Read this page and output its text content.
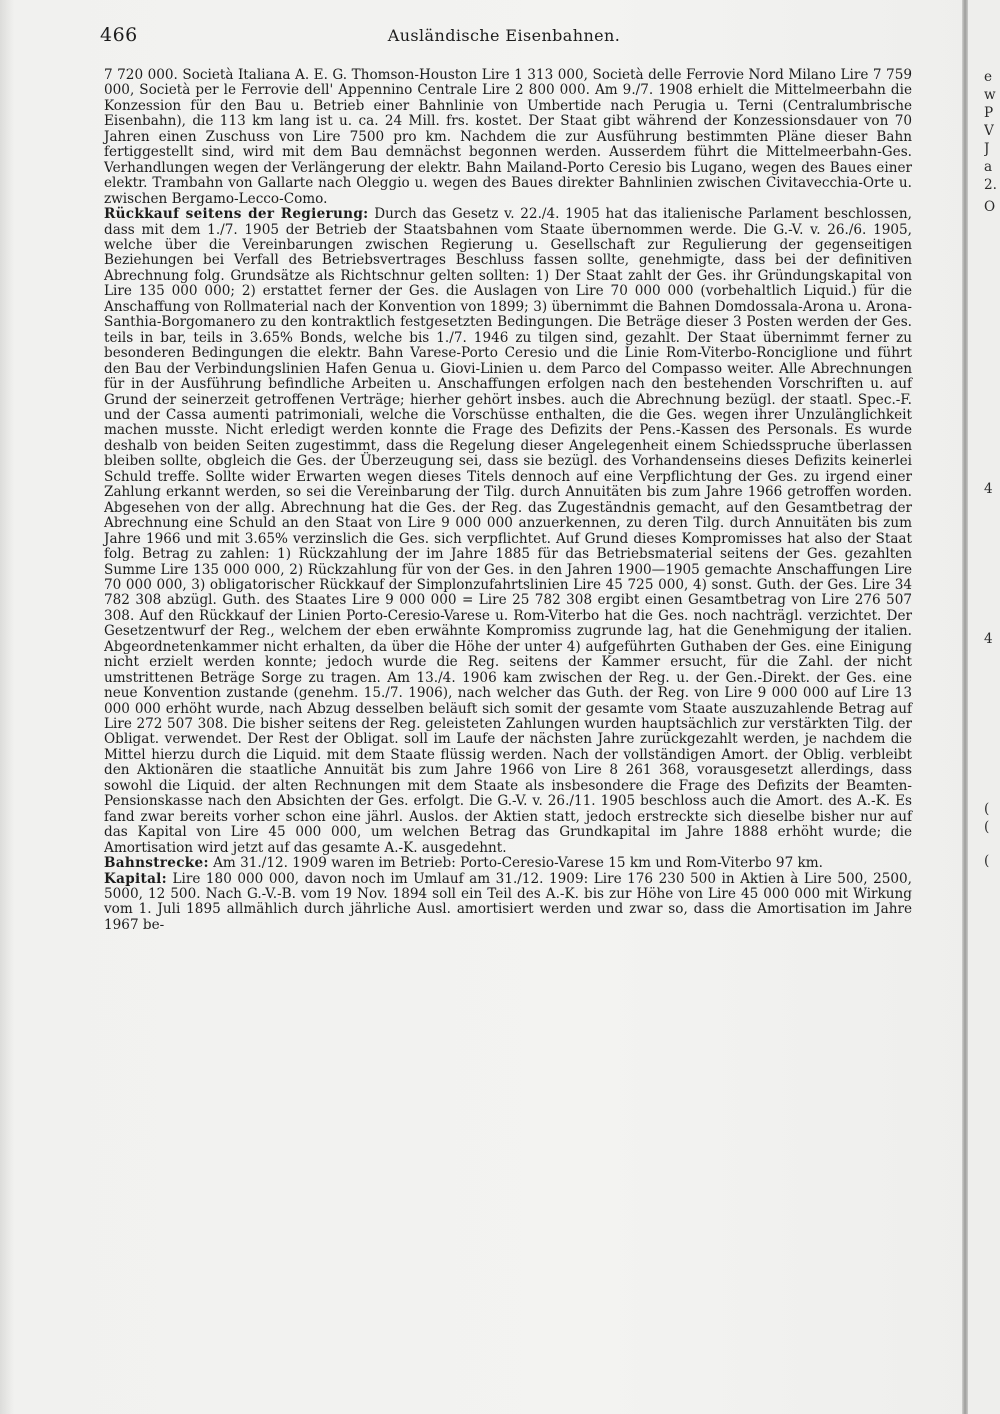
466	Ausländische Eisenbahnen.

7 720 000. Società Italiana A. E. G. Thomson-Houston Lire 1 313 000, Società delle Ferrovie Nord Milano Lire 7 759 000, Società per le Ferrovie dell' Appennino Centrale Lire 2 800 000. Am 9./7. 1908 erhielt die Mittelmeerbahn die Konzession für den Bau u. Betrieb einer Bahnlinie von Umbertide nach Perugia u. Terni (Centralumbrische Eisenbahn), die 113 km lang ist u. ca. 24 Mill. frs. kostet. Der Staat gibt während der Konzessionsdauer von 70 Jahren einen Zuschuss von Lire 7500 pro km. Nachdem die zur Ausführung bestimmten Pläne dieser Bahn fertiggestellt sind, wird mit dem Bau demnächst begonnen werden. Ausserdem führt die Mittelmeerbahn-Ges. Verhandlungen wegen der Verlängerung der elektr. Bahn Mailand-Porto Ceresio bis Lugano, wegen des Baues einer elektr. Trambahn von Gallarte nach Oleggio u. wegen des Baues direkter Bahnlinien zwischen Civitavecchia-Orte u. zwischen Bergamo-Lecco-Como.

Rückkauf seitens der Regierung: Durch das Gesetz v. 22./4. 1905 hat das italienische Parlament beschlossen, dass mit dem 1./7. 1905 der Betrieb der Staatsbahnen vom Staate übernommen werde. Die G.-V. v. 26./6. 1905, welche über die Vereinbarungen zwischen Regierung u. Gesellschaft zur Regulierung der gegenseitigen Beziehungen bei Verfall des Betriebsvertrages Beschluss fassen sollte, genehmigte, dass bei der definitiven Abrechnung folg. Grundsätze als Richtschnur gelten sollten: 1) Der Staat zahlt der Ges. ihr Gründungskapital von Lire 135 000 000; 2) erstattet ferner der Ges. die Auslagen von Lire 70 000 000 (vorbehaltlich Liquid.) für die Anschaffung von Rollmaterial nach der Konvention von 1899; 3) übernimmt die Bahnen Domdossala-Arona u. Arona-Santhia-Borgomanero zu den kontraktlich festgesetzten Bedingungen. Die Beträge dieser 3 Posten werden der Ges. teils in bar, teils in 3.65% Bonds, welche bis 1./7. 1946 zu tilgen sind, gezahlt. Der Staat übernimmt ferner zu besonderen Bedingungen die elektr. Bahn Varese-Porto Ceresio und die Linie Rom-Viterbo-Ronciglione und führt den Bau der Verbindungslinien Hafen Genua u. Giovi-Linien u. dem Parco del Compasso weiter. Alle Abrechnungen für in der Ausführung befindliche Arbeiten u. Anschaffungen erfolgen nach den bestehenden Vorschriften u. auf Grund der seinerzeit getroffenen Verträge; hierher gehört insbes. auch die Abrechnung bezügl. der staatl. Spec.-F. und der Cassa aumenti patrimoniali, welche die Vorschüsse enthalten, die die Ges. wegen ihrer Unzulänglichkeit machen musste. Nicht erledigt werden konnte die Frage des Defizits der Pens.-Kassen des Personals. Es wurde deshalb von beiden Seiten zugestimmt, dass die Regelung dieser Angelegenheit einem Schiedsspruche überlassen bleiben sollte, obgleich die Ges. der Überzeugung sei, dass sie bezügl. des Vorhandenseins dieses Defizits keinerlei Schuld treffe. Sollte wider Erwarten wegen dieses Titels dennoch auf eine Verpflichtung der Ges. zu irgend einer Zahlung erkannt werden, so sei die Vereinbarung der Tilg. durch Annuitäten bis zum Jahre 1966 getroffen worden. Abgesehen von der allg. Abrechnung hat die Ges. der Reg. das Zugeständnis gemacht, auf den Gesamtbetrag der Abrechnung eine Schuld an den Staat von Lire 9 000 000 anzuerkennen, zu deren Tilg. durch Annuitäten bis zum Jahre 1966 und mit 3.65% verzinslich die Ges. sich verpflichtet. Auf Grund dieses Kompromisses hat also der Staat folg. Betrag zu zahlen: 1) Rückzahlung der im Jahre 1885 für das Betriebsmaterial seitens der Ges. gezahlten Summe Lire 135 000 000, 2) Rückzahlung für von der Ges. in den Jahren 1900—1905 gemachte Anschaffungen Lire 70 000 000, 3) obligatorischer Rückkauf der Simplonzufahrtslinien Lire 45 725 000, 4) sonst. Guth. der Ges. Lire 34 782 308 abzügl. Guth. des Staates Lire 9 000 000 = Lire 25 782 308 ergibt einen Gesamtbetrag von Lire 276 507 308. Auf den Rückkauf der Linien Porto-Ceresio-Varese u. Rom-Viterbo hat die Ges. noch nachträgl. verzichtet. Der Gesetzentwurf der Reg., welchem der eben erwähnte Kompromiss zugrunde lag, hat die Genehmigung der italien. Abgeordnetenkammer nicht erhalten, da über die Höhe der unter 4) aufgeführten Guthaben der Ges. eine Einigung nicht erzielt werden konnte; jedoch wurde die Reg. seitens der Kammer ersucht, für die Zahl. der nicht umstrittenen Beträge Sorge zu tragen. Am 13./4. 1906 kam zwischen der Reg. u. der Gen.-Direkt. der Ges. eine neue Konvention zustande (genehm. 15./7. 1906), nach welcher das Guth. der Reg. von Lire 9 000 000 auf Lire 13 000 000 erhöht wurde, nach Abzug desselben beläuft sich somit der gesamte vom Staate auszuzahlende Betrag auf Lire 272 507 308. Die bisher seitens der Reg. geleisteten Zahlungen wurden hauptsächlich zur verstärkten Tilg. der Obligat. verwendet. Der Rest der Obligat. soll im Laufe der nächsten Jahre zurückgezahlt werden, je nachdem die Mittel hierzu durch die Liquid. mit dem Staate flüssig werden. Nach der vollständigen Amort. der Oblig. verbleibt den Aktionären die staatliche Annuität bis zum Jahre 1966 von Lire 8 261 368, vorausgesetzt allerdings, dass sowohl die Liquid. der alten Rechnungen mit dem Staate als insbesondere die Frage des Defizits der Beamten-Pensionskasse nach den Absichten der Ges. erfolgt. Die G.-V. v. 26./11. 1905 beschloss auch die Amort. des A.-K. Es fand zwar bereits vorher schon eine jährl. Auslos. der Aktien statt, jedoch erstreckte sich dieselbe bisher nur auf das Kapital von Lire 45 000 000, um welchen Betrag das Grundkapital im Jahre 1888 erhöht wurde; die Amortisation wird jetzt auf das gesamte A.-K. ausgedehnt.

Bahnstrecke: Am 31./12. 1909 waren im Betrieb: Porto-Ceresio-Varese 15 km und Rom-Viterbo 97 km.

Kapital: Lire 180 000 000, davon noch im Umlauf am 31./12. 1909: Lire 176 230 500 in Aktien à Lire 500, 2500, 5000, 12 500. Nach G.-V.-B. vom 19 Nov. 1894 soll ein Teil des A.-K. bis zur Höhe von Lire 45 000 000 mit Wirkung vom 1. Juli 1895 allmählich durch jährliche Ausl. amortisiert werden und zwar so, dass die Amortisation im Jahre 1967 be-

e
w
P
V
J
a
2.
O
4
4
(
(
(
